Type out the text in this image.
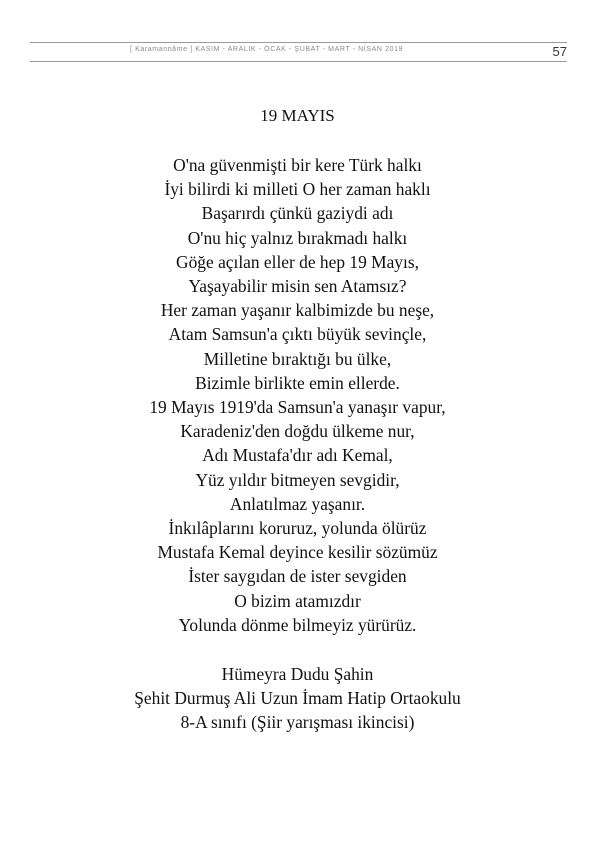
[ Karamannâme ] KASIM - ARALIK - OCAK - ŞUBAT - MART - NİSAN 2019	57
19 MAYIS
O'na güvenmişti bir kere Türk halkı
İyi bilirdi ki milleti O her zaman haklı
Başarırdı çünkü gaziydi adı
O'nu hiç yalnız bırakmadı halkı
Göğe açılan eller de hep 19 Mayıs,
Yaşayabilir misin sen Atamsız?
Her zaman yaşanır kalbimizde bu neşe,
Atam Samsun'a çıktı büyük sevinçle,
Milletine bıraktığı bu ülke,
Bizimle birlikte emin ellerde.
19 Mayıs 1919'da Samsun'a yanaşır vapur,
Karadeniz'den doğdu ülkeme nur,
Adı Mustafa'dır adı Kemal,
Yüz yıldır bitmeyen sevgidir,
Anlatılmaz yaşanır.
İnkılâplarını koruruz, yolunda ölürüz
Mustafa Kemal deyince kesilir sözümüz
İster saygıdan de ister sevgiden
O bizim atamızdır
Yolunda dönme bilmeyiz yürürüz.
Hümeyra Dudu Şahin
Şehit Durmuş Ali Uzun İmam Hatip Ortaokulu
8-A sınıfı (Şiir yarışması ikincisi)
